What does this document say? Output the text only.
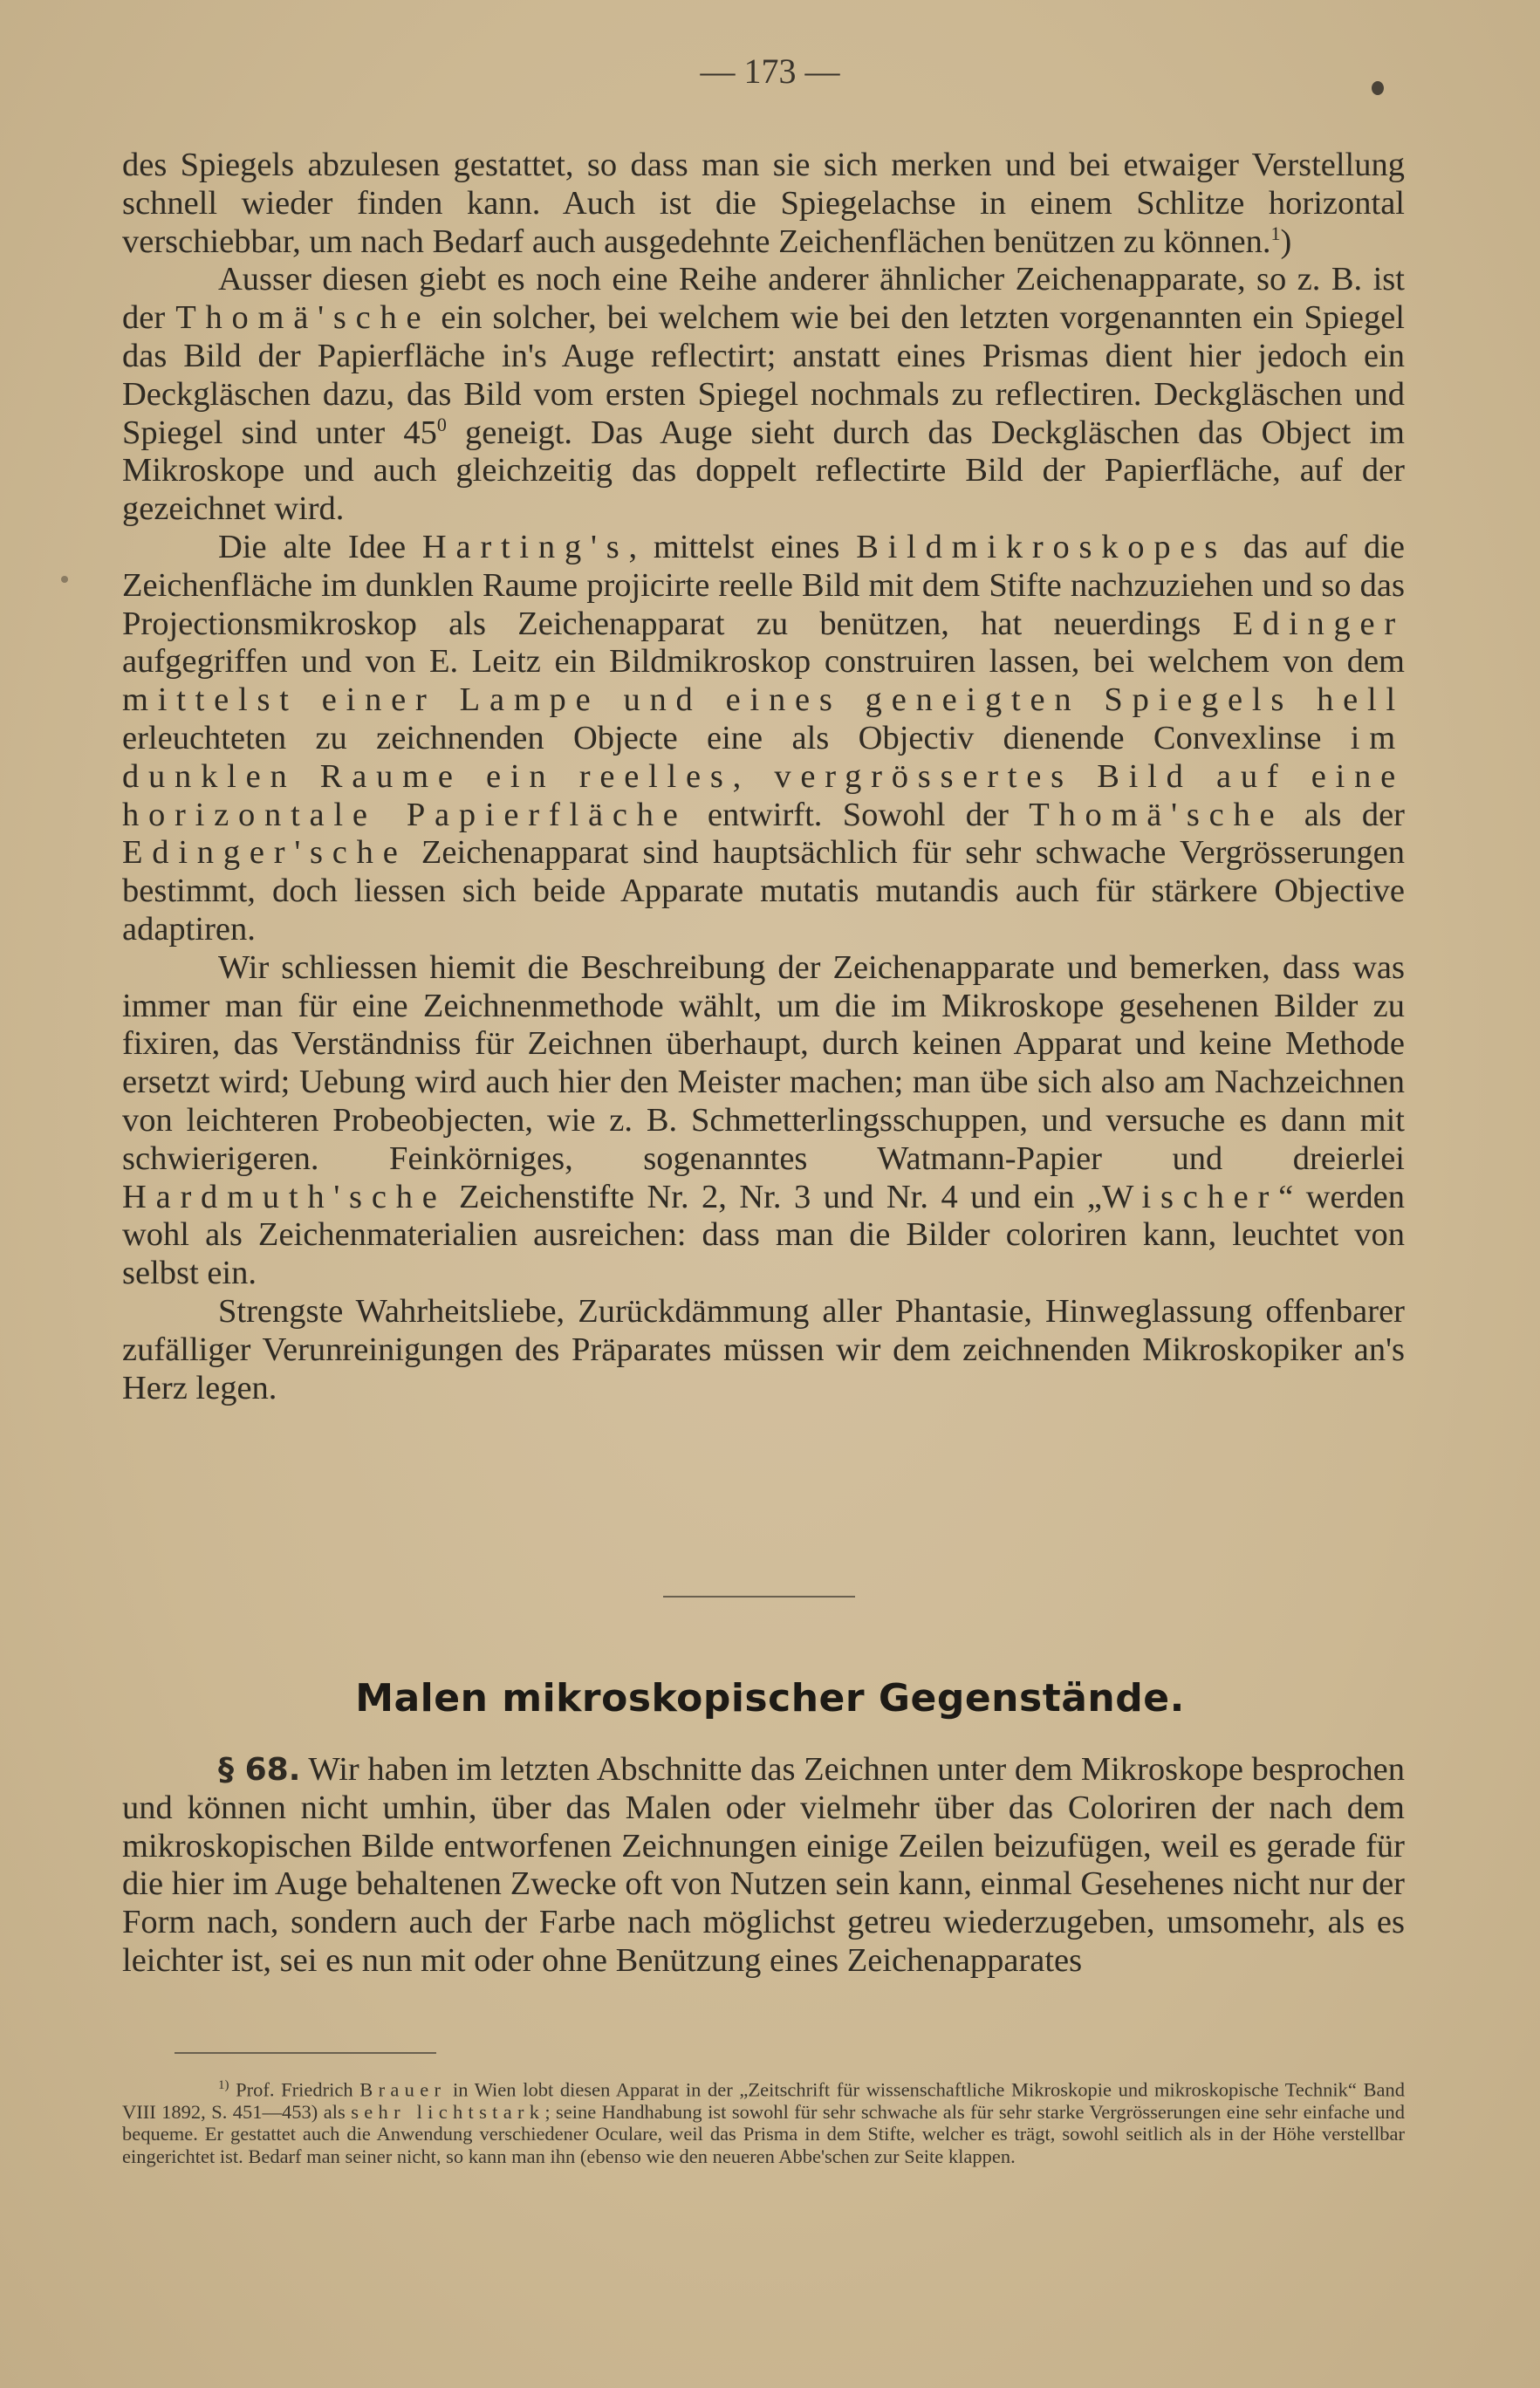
— 173 —

des Spiegels abzulesen gestattet, so dass man sie sich merken und bei etwaiger Verstellung schnell wieder finden kann. Auch ist die Spiegelachse in einem Schlitze horizontal verschiebbar, um nach Bedarf auch ausgedehnte Zeichenflächen benützen zu können.$^1$)

Ausser diesen giebt es noch eine Reihe anderer ähnlicher Zeichenapparate, so z. B. ist der Thomä'sche ein solcher, bei welchem wie bei den letzten vorgenannten ein Spiegel das Bild der Papierfläche in's Auge reflectirt; anstatt eines Prismas dient hier jedoch ein Deckgläschen dazu, das Bild vom ersten Spiegel nochmals zu reflectiren. Deckgläschen und Spiegel sind unter $45^0$ geneigt. Das Auge sieht durch das Deckgläschen das Object im Mikroskope und auch gleichzeitig das doppelt reflectirte Bild der Papierfläche, auf der gezeichnet wird.

Die alte Idee Harting's, mittelst eines Bildmikroskopes das auf die Zeichenfläche im dunklen Raume projicirte reelle Bild mit dem Stifte nachzuziehen und so das Projectionsmikroskop als Zeichenapparat zu benützen, hat neuerdings Edinger aufgegriffen und von E. Leitz ein Bildmikroskop construiren lassen, bei welchem von dem mittelst einer Lampe und eines geneigten Spiegels hell erleuchteten zu zeichnenden Objecte eine als Objectiv dienende Convexlinse im dunklen Raume ein reelles, vergrössertes Bild auf eine horizontale Papierfläche entwirft. Sowohl der Thomä'sche als der Edinger'sche Zeichenapparat sind hauptsächlich für sehr schwache Vergrösserungen bestimmt, doch liessen sich beide Apparate mutatis mutandis auch für stärkere Objective adaptiren.

Wir schliessen hiemit die Beschreibung der Zeichenapparate und bemerken, dass was immer man für eine Zeichnenmethode wählt, um die im Mikroskope gesehenen Bilder zu fixiren, das Verständniss für Zeichnen überhaupt, durch keinen Apparat und keine Methode ersetzt wird; Uebung wird auch hier den Meister machen; man übe sich also am Nachzeichnen von leichteren Probeobjecten, wie z. B. Schmetterlingsschuppen, und versuche es dann mit schwierigeren. Feinkörniges, sogenanntes Watmann-Papier und dreierlei Hardmuth'sche Zeichenstifte Nr. 2, Nr. 3 und Nr. 4 und ein „Wischer“ werden wohl als Zeichenmaterialien ausreichen: dass man die Bilder coloriren kann, leuchtet von selbst ein.

Strengste Wahrheitsliebe, Zurückdämmung aller Phantasie, Hinweglassung offenbarer zufälliger Verunreinigungen des Präparates müssen wir dem zeichnenden Mikroskopiker an's Herz legen.

Malen mikroskopischer Gegenstände.

§ 68. Wir haben im letzten Abschnitte das Zeichnen unter dem Mikroskope besprochen und können nicht umhin, über das Malen oder vielmehr über das Coloriren der nach dem mikroskopischen Bilde entworfenen Zeichnungen einige Zeilen beizufügen, weil es gerade für die hier im Auge behaltenen Zwecke oft von Nutzen sein kann, einmal Gesehenes nicht nur der Form nach, sondern auch der Farbe nach möglichst getreu wiederzugeben, umsomehr, als es leichter ist, sei es nun mit oder ohne Benützung eines Zeichenapparates

$^{1)}$ Prof. Friedrich Brauer in Wien lobt diesen Apparat in der „Zeitschrift für wissenschaftliche Mikroskopie und mikroskopische Technik“ Band VIII 1892, S. 451—453) als sehr lichtstark; seine Handhabung ist sowohl für sehr schwache als für sehr starke Vergrösserungen eine sehr einfache und bequeme. Er gestattet auch die Anwendung verschiedener Oculare, weil das Prisma in dem Stifte, welcher es trägt, sowohl seitlich als in der Höhe verstellbar eingerichtet ist. Bedarf man seiner nicht, so kann man ihn (ebenso wie den neueren Abbe'schen zur Seite klappen.
